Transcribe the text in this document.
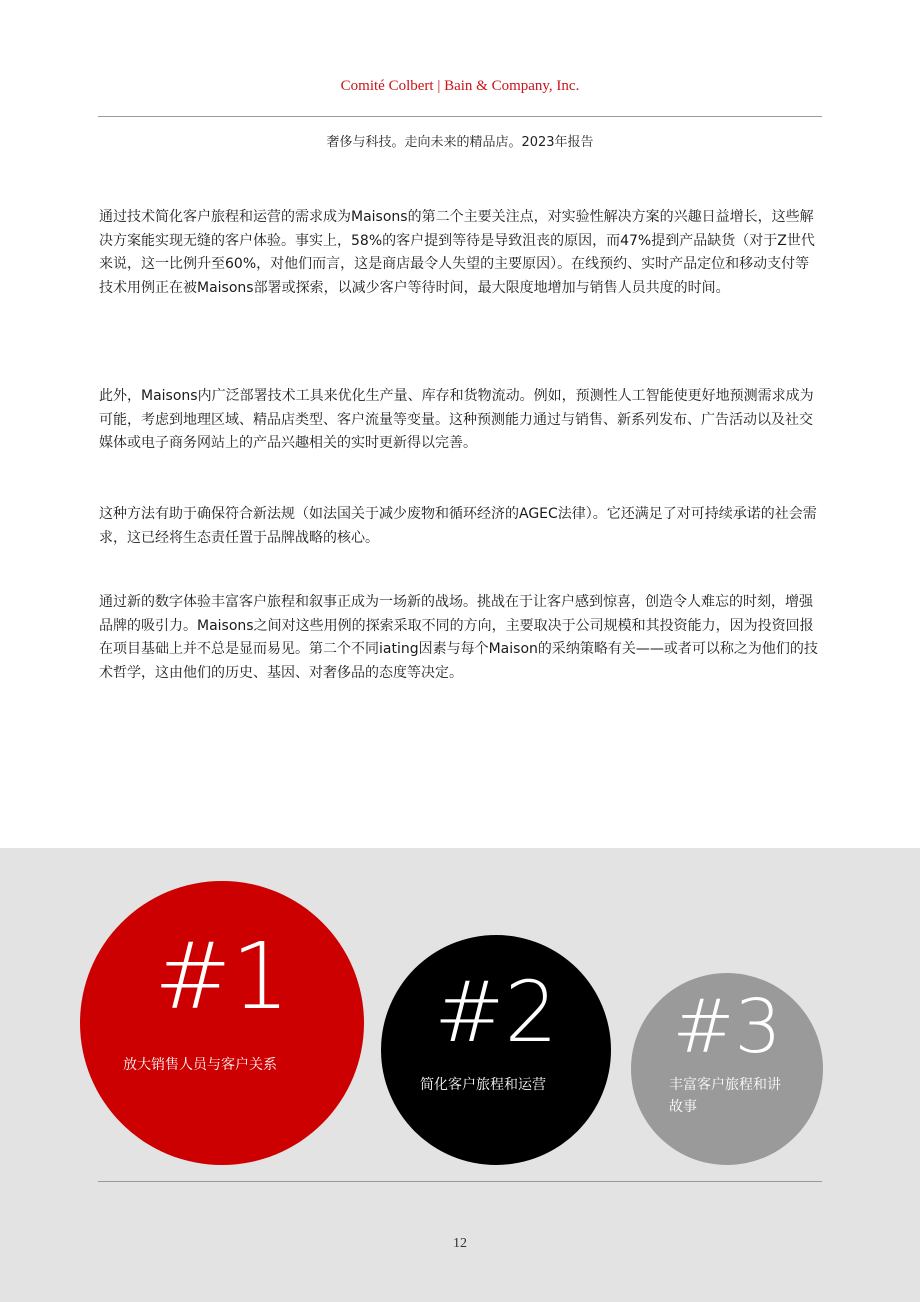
Comité Colbert | Bain & Company, Inc.
奢侈与科技。走向未来的精品店。2023年报告

通过技术简化客户旅程和运营的需求成为Maisons的第二个主要关注点，对实验性解决方案的兴趣日益增长，这些解决方案能实现无缝的客户体验。事实上，58%的客户提到等待是导致沮丧的原因，而47%提到产品缺货（对于Z世代来说，这一比例升至60%，对他们而言，这是商店最令人失望的主要原因）。在线预约、实时产品定位和移动支付等技术用例正在被Maisons部署或探索，以减少客户等待时间，最大限度地增加与销售人员共度的时间。

此外，Maisons内广泛部署技术工具来优化生产量、库存和货物流动。例如，预测性人工智能使更好地预测需求成为可能，考虑到地理区域、精品店类型、客户流量等变量。这种预测能力通过与销售、新系列发布、广告活动以及社交媒体或电子商务网站上的产品兴趣相关的实时更新得以完善。

这种方法有助于确保符合新法规（如法国关于减少废物和循环经济的AGEC法律）。它还满足了对可持续承诺的社会需求，这已经将生态责任置于品牌战略的核心。

通过新的数字体验丰富客户旅程和叙事正成为一场新的战场。挑战在于让客户感到惊喜，创造令人难忘的时刻，增强品牌的吸引力。Maisons之间对这些用例的探索采取不同的方向，主要取决于公司规模和其投资能力，因为投资回报在项目基础上并不总是显而易见。第二个不同iating因素与每个Maison的采纳策略有关——或者可以称之为他们的技术哲学，这由他们的历史、基因、对奢侈品的态度等决定。

#1
放大销售人员与客户关系
#2
简化客户旅程和运营
#3
丰富客户旅程和讲故事
12
